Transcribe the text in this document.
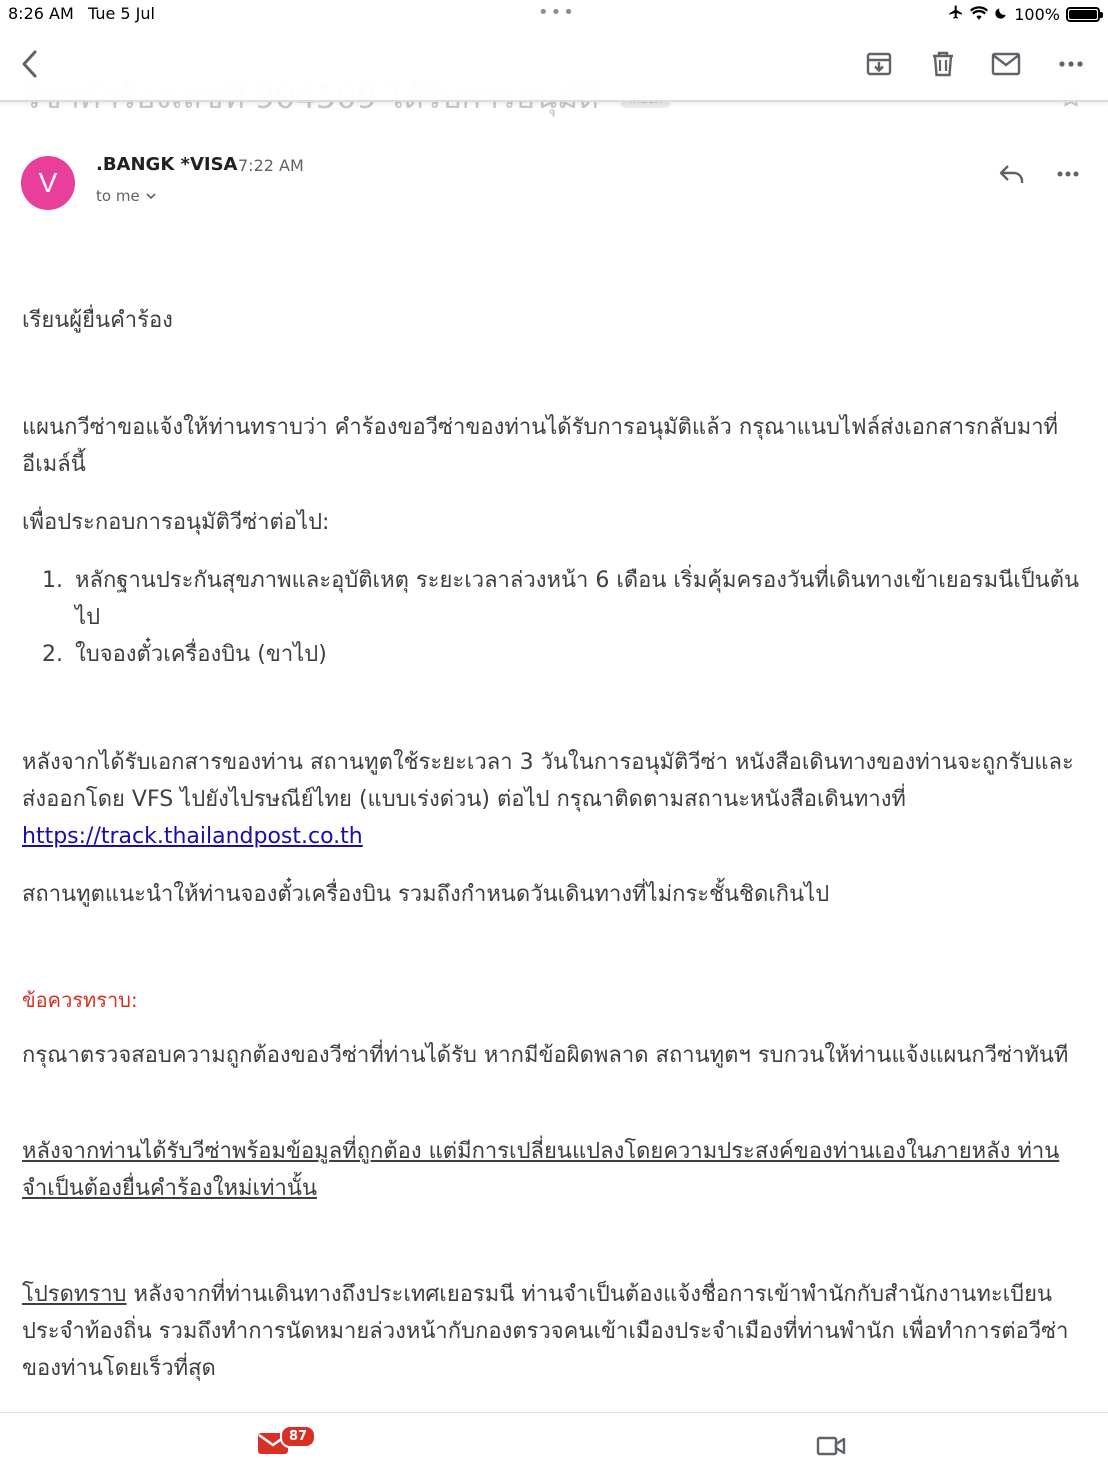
8:26 AM Tue 5 Jul	•••	100%
V
.BANGK *VISA 7:22 AM
to me
เรียนผู้ยื่นคำร้อง
แผนกวีซ่าขอแจ้งให้ท่านทราบว่า คำร้องขอวีซ่าของท่านได้รับการอนุมัติแล้ว กรุณาแนบไฟล์ส่งเอกสารกลับมาที่อีเมล์นี้
เพื่อประกอบการอนุมัติวีซ่าต่อไป:
1. หลักฐานประกันสุขภาพและอุบัติเหตุ ระยะเวลาล่วงหน้า 6 เดือน เริ่มคุ้มครองวันที่เดินทางเข้าเยอรมนีเป็นต้นไป
2. ใบจองตั๋วเครื่องบิน (ขาไป)
หลังจากได้รับเอกสารของท่าน สถานทูตใช้ระยะเวลา 3 วันในการอนุมัติวีซ่า หนังสือเดินทางของท่านจะถูกรับและส่งออกโดย VFS ไปยังไปรษณีย์ไทย (แบบเร่งด่วน) ต่อไป กรุณาติดตามสถานะหนังสือเดินทางที่
https://track.thailandpost.co.th
สถานทูตแนะนำให้ท่านจองตั๋วเครื่องบิน รวมถึงกำหนดวันเดินทางที่ไม่กระชั้นชิดเกินไป
ข้อควรทราบ:
กรุณาตรวจสอบความถูกต้องของวีซ่าที่ท่านได้รับ หากมีข้อผิดพลาด สถานทูตฯ รบกวนให้ท่านแจ้งแผนกวีซ่าทันที
หลังจากท่านได้รับวีซ่าพร้อมข้อมูลที่ถูกต้อง แต่มีการเปลี่ยนแปลงโดยความประสงค์ของท่านเองในภายหลัง ท่านจำเป็นต้องยื่นคำร้องใหม่เท่านั้น
โปรดทราบ หลังจากที่ท่านเดินทางถึงประเทศเยอรมนี ท่านจำเป็นต้องแจ้งชื่อการเข้าพำนักกับสำนักงานทะเบียนประจำท้องถิ่น รวมถึงทำการนัดหมายล่วงหน้ากับกองตรวจคนเข้าเมืองประจำเมืองที่ท่านพำนัก เพื่อทำการต่อวีซ่าของท่านโดยเร็วที่สุด
87
